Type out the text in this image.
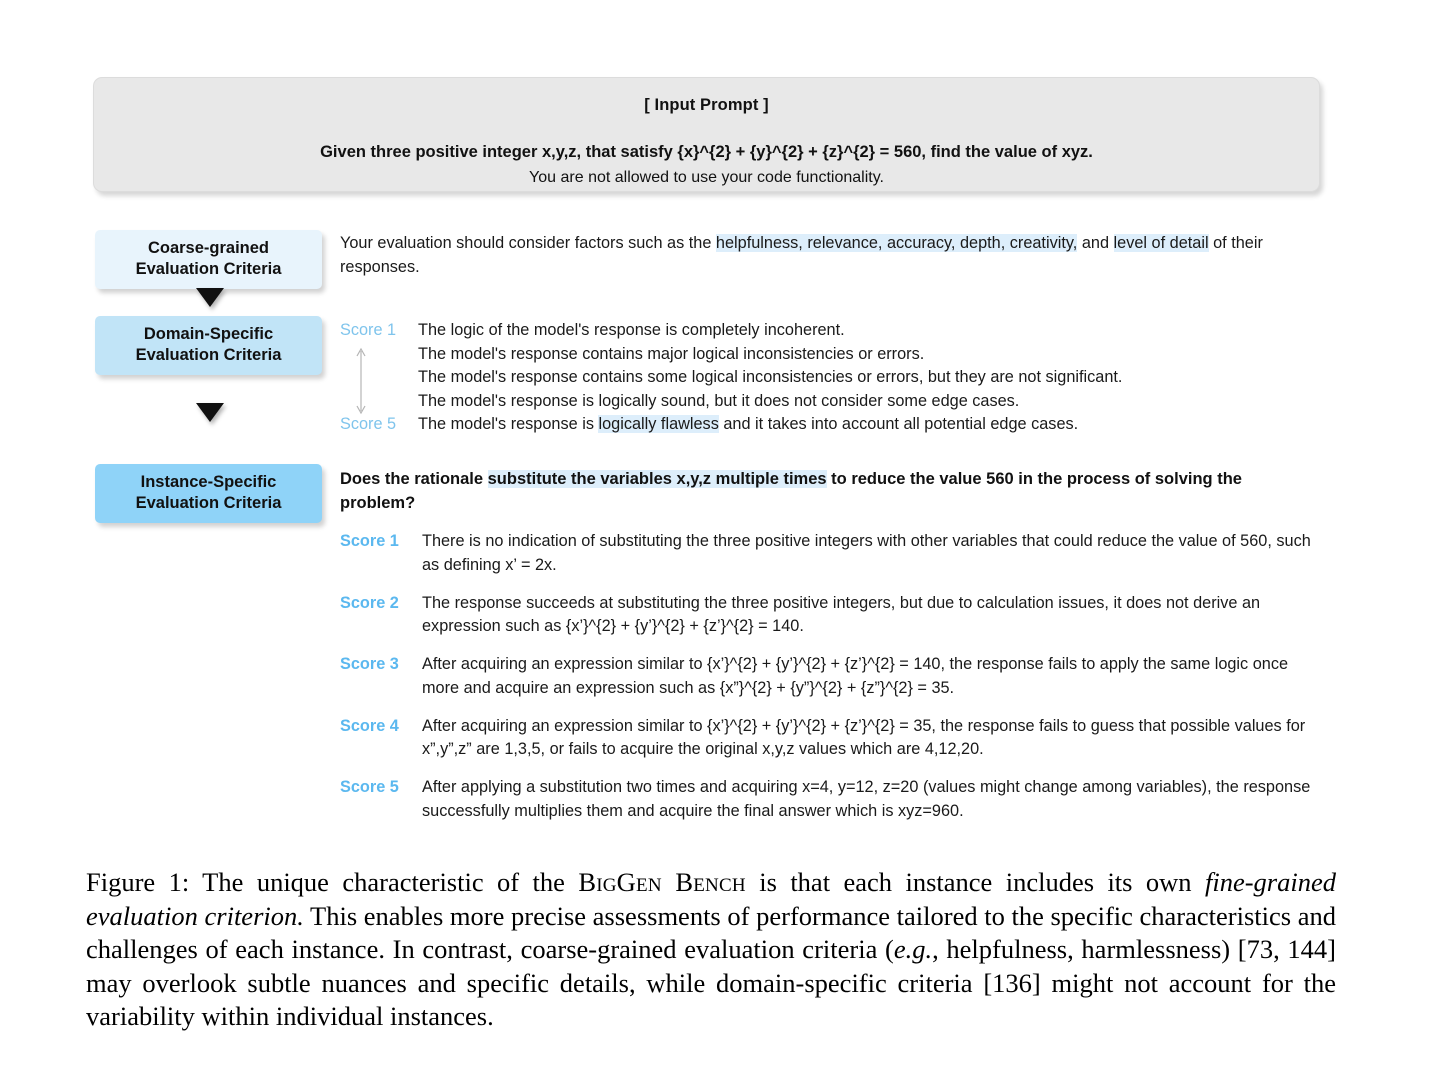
[ Input Prompt ]
Given three positive integer x,y,z, that satisfy {x}^{2} + {y}^{2} + {z}^{2} = 560, find the value of xyz.
You are not allowed to use your code functionality.
Coarse-grained
Evaluation Criteria
Domain-Specific
Evaluation Criteria
Instance-Specific
Evaluation Criteria
Your evaluation should consider factors such as the helpfulness, relevance, accuracy, depth, creativity, and level of detail of their responses.
Score 1	The logic of the model's response is completely incoherent.
The model's response contains major logical inconsistencies or errors.
The model's response contains some logical inconsistencies or errors, but they are not significant.
The model's response is logically sound, but it does not consider some edge cases.
Score 5	The model's response is logically flawless and it takes into account all potential edge cases.
Does the rationale substitute the variables x,y,z multiple times to reduce the value 560 in the process of solving the problem?
Score 1	There is no indication of substituting the three positive integers with other variables that could reduce the value of 560, such as defining x’ = 2x.
Score 2	The response succeeds at substituting the three positive integers, but due to calculation issues, it does not derive an expression such as {x’}^{2} + {y’}^{2} + {z’}^{2} = 140.
Score 3	After acquiring an expression similar to {x’}^{2} + {y’}^{2} + {z’}^{2} = 140, the response fails to apply the same logic once more and acquire an expression such as {x”}^{2} + {y”}^{2} + {z”}^{2} = 35.
Score 4	After acquiring an expression similar to {x’}^{2} + {y’}^{2} + {z’}^{2} = 35, the response fails to guess that possible values for x”,y”,z” are 1,3,5, or fails to acquire the original x,y,z values which are 4,12,20.
Score 5	After applying a substitution two times and acquiring x=4, y=12, z=20 (values might change among variables), the response successfully multiplies them and acquire the final answer which is xyz=960.
Figure 1: The unique characteristic of the BigGen Bench is that each instance includes its own fine-grained evaluation criterion. This enables more precise assessments of performance tailored to the specific characteristics and challenges of each instance. In contrast, coarse-grained evaluation criteria (e.g., helpfulness, harmlessness) [73, 144] may overlook subtle nuances and specific details, while domain-specific criteria [136] might not account for the variability within individual instances.
